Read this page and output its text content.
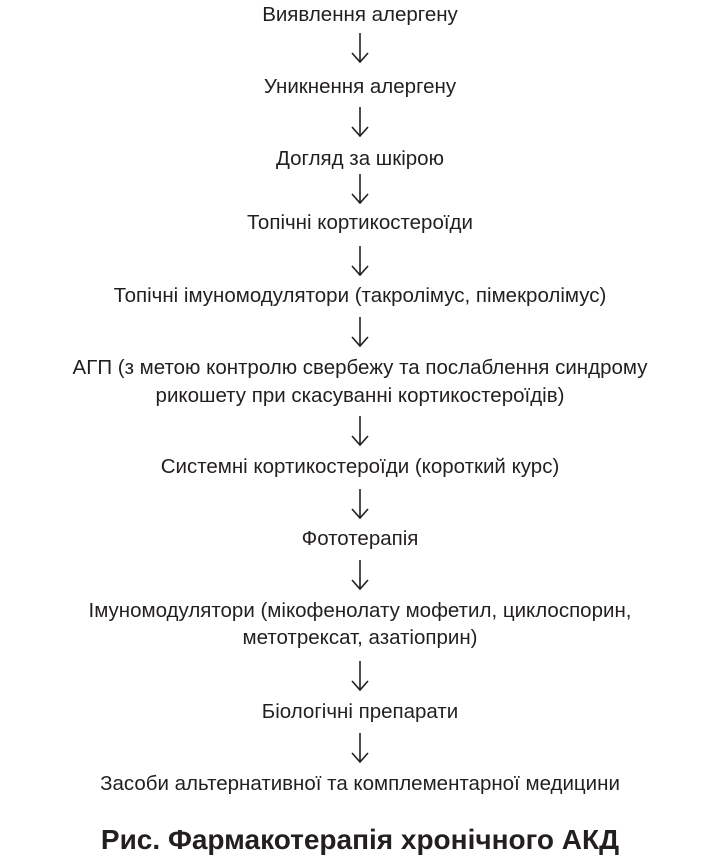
Виявлення алергену
Уникнення алергену
Догляд за шкірою
Топічні кортикостероїди
Топічні імуномодулятори (такролімус, пімекролімус)
АГП (з метою контролю свербежу та послаблення синдрому
рикошету при скасуванні кортикостероїдів)
Системні кортикостероїди (короткий курс)
Фототерапія
Імуномодулятори (мікофенолату мофетил, циклоспорин,
метотрексат, азатіоприн)
Біологічні препарати
Засоби альтернативної та комплементарної медицини
Рис. Фармакотерапія хронічного АКД
